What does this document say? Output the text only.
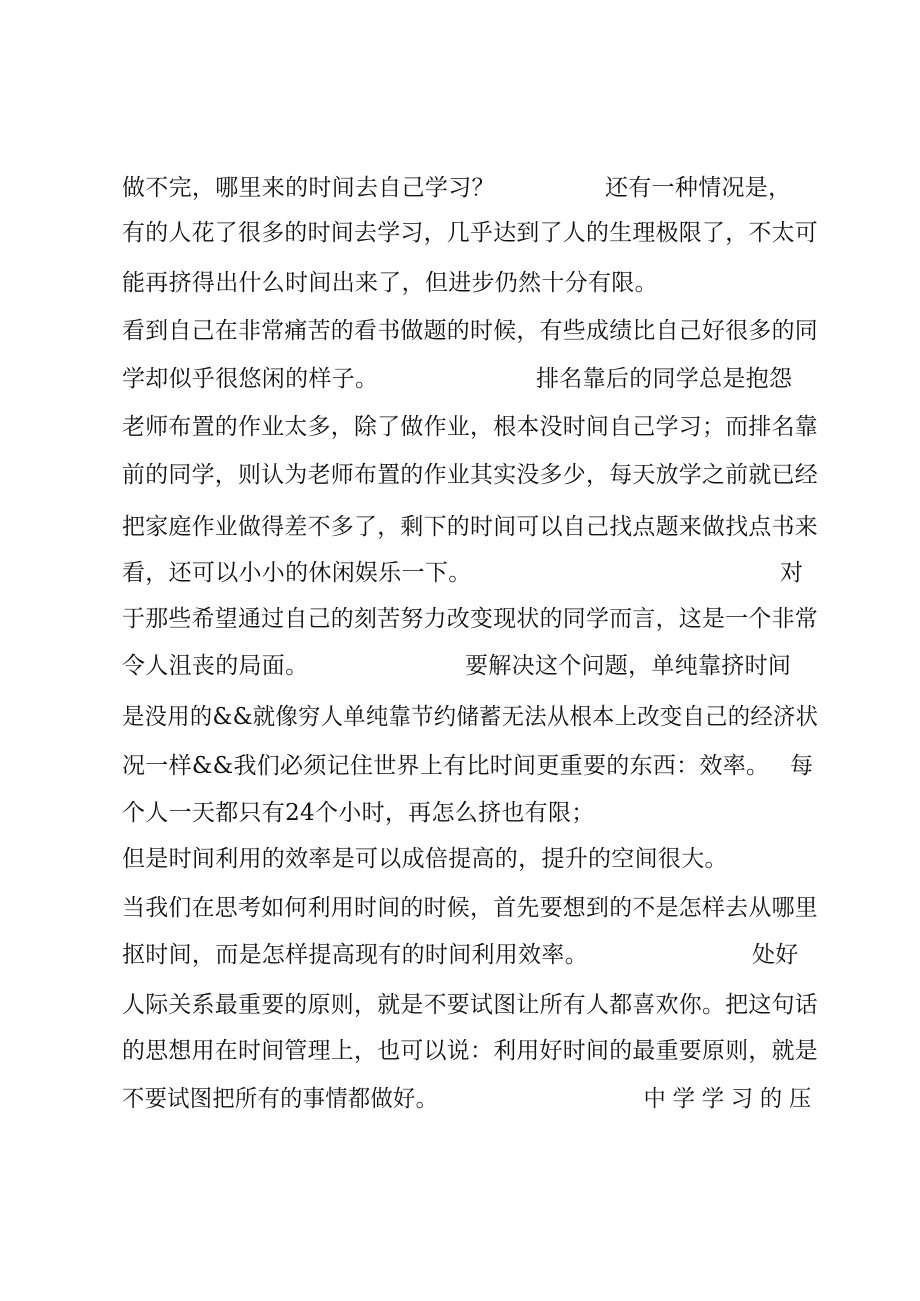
做不完，哪里来的时间去自己学习？	还有一种情况是，
有的人花了很多的时间去学习，几乎达到了人的生理极限了，不太可
能再挤得出什么时间出来了，但进步仍然十分有限。
看到自己在非常痛苦的看书做题的时候，有些成绩比自己好很多的同
学却似乎很悠闲的样子。	排名靠后的同学总是抱怨
老师布置的作业太多，除了做作业，根本没时间自己学习；而排名靠
前的同学，则认为老师布置的作业其实没多少，每天放学之前就已经
把家庭作业做得差不多了，剩下的时间可以自己找点题来做找点书来
看，还可以小小的休闲娱乐一下。	对
于那些希望通过自己的刻苦努力改变现状的同学而言，这是一个非常
令人沮丧的局面。	要解决这个问题，单纯靠挤时间
是没用的&&就像穷人单纯靠节约储蓄无法从根本上改变自己的经济状
况一样&&我们必须记住世界上有比时间更重要的东西：效率。 每
个人一天都只有24个小时，再怎么挤也有限；
但是时间利用的效率是可以成倍提高的，提升的空间很大。
当我们在思考如何利用时间的时候，首先要想到的不是怎样去从哪里
抠时间，而是怎样提高现有的时间利用效率。	处好
人际关系最重要的原则，就是不要试图让所有人都喜欢你。把这句话
的思想用在时间管理上，也可以说：利用好时间的最重要原则，就是
不要试图把所有的事情都做好。	中学学习的压
